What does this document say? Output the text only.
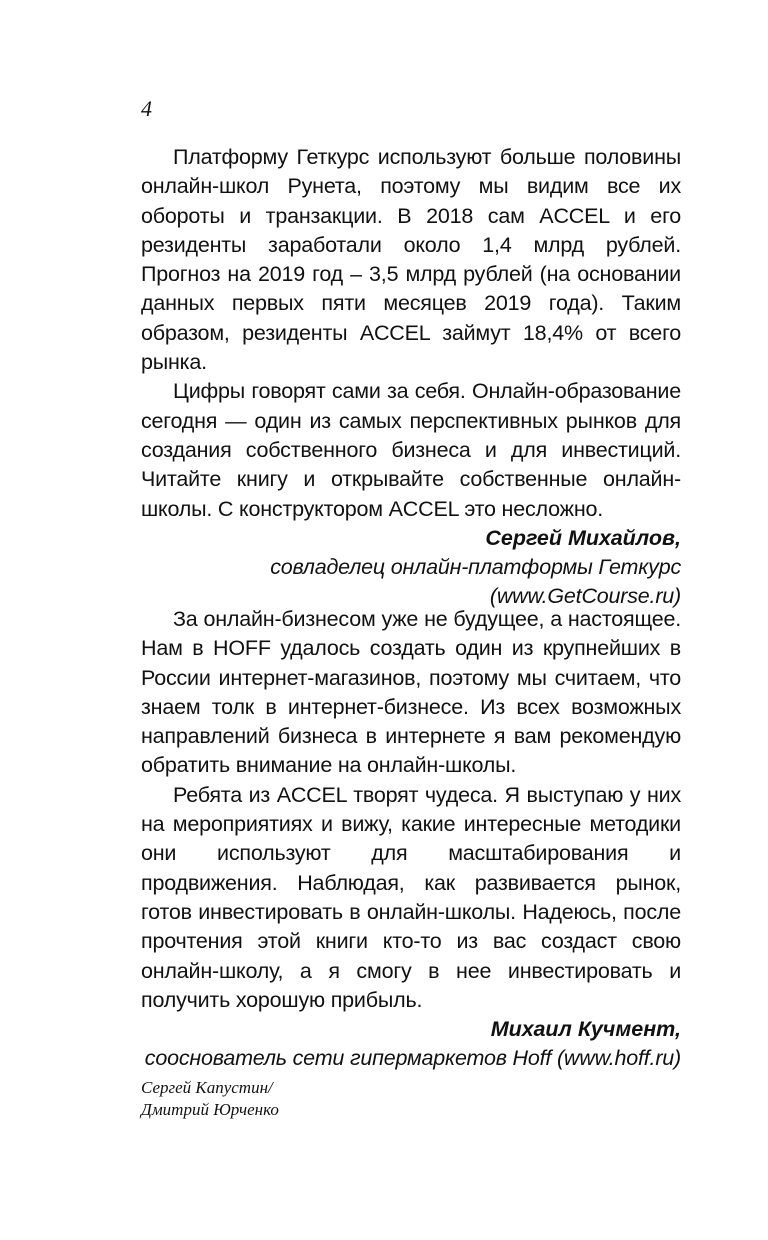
4

Платформу Геткурс используют больше половины онлайн-школ Рунета, поэтому мы видим все их обороты и транзакции. В 2018 сам ACCEL и его резиденты заработали около 1,4 млрд рублей. Прогноз на 2019 год – 3,5 млрд рублей (на основании данных первых пяти месяцев 2019 года). Таким образом, резиденты ACCEL займут 18,4% от всего рынка.

Цифры говорят сами за себя. Онлайн-образование сегодня — один из самых перспективных рынков для создания собственного бизнеса и для инвестиций. Читайте книгу и открывайте собственные онлайн-школы. С конструктором ACCEL это несложно.

Сергей Михайлов,

совладелец онлайн-платформы Геткурс

(www.GetCourse.ru)

За онлайн-бизнесом уже не будущее, а настоящее. Нам в HOFF удалось создать один из крупнейших в России интернет-магазинов, поэтому мы считаем, что знаем толк в интернет-бизнесе. Из всех возможных направлений бизнеса в интернете я вам рекомендую обратить внимание на онлайн-школы.

Ребята из ACCEL творят чудеса. Я выступаю у них на мероприятиях и вижу, какие интересные методики они используют для масштабирования и продвижения. Наблюдая, как развивается рынок, готов инвестировать в онлайн-школы. Надеюсь, после прочтения этой книги кто-то из вас создаст свою онлайн-школу, а я смогу в нее инвестировать и получить хорошую прибыль.

Михаил Кучмент,

сооснователь сети гипермаркетов Hoff (www.hoff.ru)

Сергей Капустин/
Дмитрий Юрченко
